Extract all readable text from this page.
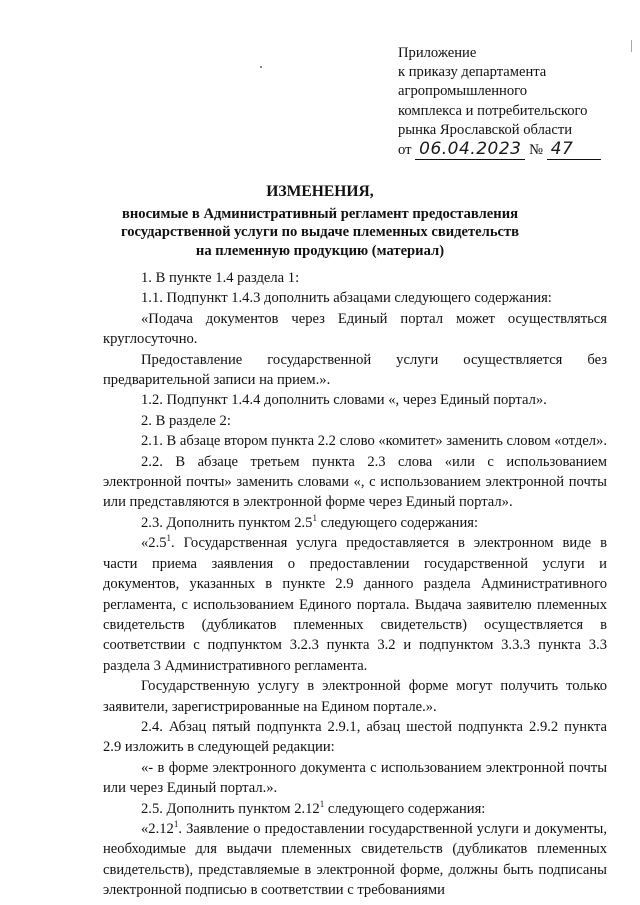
Приложение
к приказу департамента
агропромышленного
комплекса и потребительского
рынка Ярославской области
от 06.04.2023 № 47
ИЗМЕНЕНИЯ,
вносимые в Административный регламент предоставления
государственной услуги по выдаче племенных свидетельств
на племенную продукцию (материал)

1. В пункте 1.4 раздела 1:

1.1. Подпункт 1.4.3 дополнить абзацами следующего содержания:

«Подача документов через Единый портал может осуществляться круглосуточно.

Предоставление государственной услуги осуществляется без предварительной записи на прием.».

1.2. Подпункт 1.4.4 дополнить словами «, через Единый портал».

2. В разделе 2:

2.1. В абзаце втором пункта 2.2 слово «комитет» заменить словом «отдел».

2.2. В абзаце третьем пункта 2.3 слова «или с использованием электронной почты» заменить словами «, с использованием электронной почты или представляются в электронной форме через Единый портал».

2.3. Дополнить пунктом $2.5^1$ следующего содержания:

«$2.5^1$. Государственная услуга предоставляется в электронном виде в части приема заявления о предоставлении государственной услуги и документов, указанных в пункте 2.9 данного раздела Административного регламента, с использованием Единого портала. Выдача заявителю племенных свидетельств (дубликатов племенных свидетельств) осуществляется в соответствии с подпунктом 3.2.3 пункта 3.2 и подпунктом 3.3.3 пункта 3.3 раздела 3 Административного регламента.

Государственную услугу в электронной форме могут получить только заявители, зарегистрированные на Едином портале.».

2.4. Абзац пятый подпункта 2.9.1, абзац шестой подпункта 2.9.2 пункта 2.9 изложить в следующей редакции:

«- в форме электронного документа с использованием электронной почты или через Единый портал.».

2.5. Дополнить пунктом 2.12$^1$ следующего содержания:

«2.12$^1$. Заявление о предоставлении государственной услуги и документы, необходимые для выдачи племенных свидетельств (дубликатов племенных свидетельств), представляемые в электронной форме, должны быть подписаны электронной подписью в соответствии с требованиями
